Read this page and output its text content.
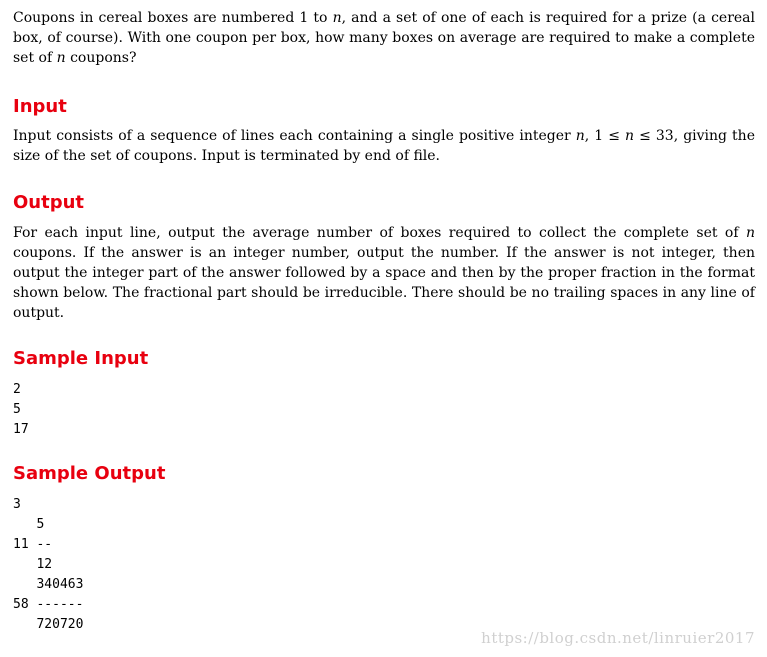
Coupons in cereal boxes are numbered 1 to n, and a set of one of each is required for a prize (a cereal box, of course). With one coupon per box, how many boxes on average are required to make a complete set of n coupons?

Input

Input consists of a sequence of lines each containing a single positive integer n, 1 ≤ n ≤ 33, giving the size of the set of coupons. Input is terminated by end of file.

Output

For each input line, output the average number of boxes required to collect the complete set of n coupons. If the answer is an integer number, output the number. If the answer is not integer, then output the integer part of the answer followed by a space and then by the proper fraction in the format shown below. The fractional part should be irreducible. There should be no trailing spaces in any line of output.

Sample Input
2
5
17
Sample Output
3
5
11 --
12
340463
58 ------
720720
https://blog.csdn.net/linruier2017
